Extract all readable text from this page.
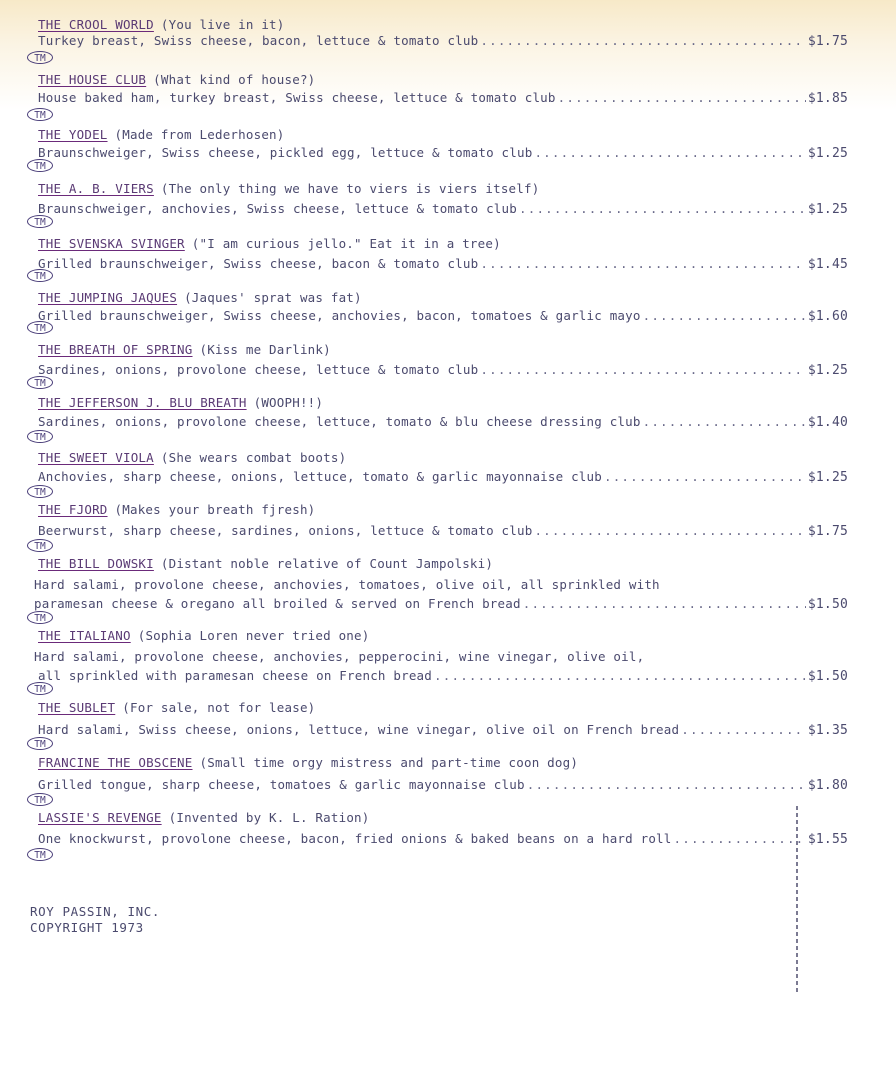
THE CROOL WORLD (You live in it)
Turkey breast, Swiss cheese, bacon, lettuce & tomato club .....	$1.75
TM
THE HOUSE CLUB (What kind of house?)
House baked ham, turkey breast, Swiss cheese, lettuce & tomato club .....	$1.85
TM
THE YODEL (Made from Lederhosen)
Braunschweiger, Swiss cheese, pickled egg, lettuce & tomato club .....	$1.25
TM
THE A. B. VIERS (The only thing we have to viers is viers itself)
Braunschweiger, anchovies, Swiss cheese, lettuce & tomato club .....	$1.25
TM
THE SVENSKA SVINGER ("I am curious jello." Eat it in a tree)
Grilled braunschweiger, Swiss cheese, bacon & tomato club .....	$1.45
TM
THE JUMPING JAQUES (Jaques' sprat was fat)
Grilled braunschweiger, Swiss cheese, anchovies, bacon, tomatoes & garlic mayo .....	$1.60
TM
THE BREATH OF SPRING (Kiss me Darlink)
Sardines, onions, provolone cheese, lettuce & tomato club .....	$1.25
TM
THE JEFFERSON J. BLU BREATH (WOOPH!!)
Sardines, onions, provolone cheese, lettuce, tomato & blu cheese dressing club .....	$1.40
TM
THE SWEET VIOLA (She wears combat boots)
Anchovies, sharp cheese, onions, lettuce, tomato & garlic mayonnaise club .....	$1.25
TM
THE FJORD (Makes your breath fjresh)
Beerwurst, sharp cheese, sardines, onions, lettuce & tomato club .....	$1.75
TM
THE BILL DOWSKI (Distant noble relative of Count Jampolski)
Hard salami, provolone cheese, anchovies, tomatoes, olive oil, all sprinkled with
paramesan cheese & oregano all broiled & served on French bread .....	$1.50
TM
THE ITALIANO (Sophia Loren never tried one)
Hard salami, provolone cheese, anchovies, pepperocini, wine vinegar, olive oil,
all sprinkled with paramesan cheese on French bread .....	$1.50
TM
THE SUBLET (For sale, not for lease)
Hard salami, Swiss cheese, onions, lettuce, wine vinegar, olive oil on French bread .....	$1.35
TM
FRANCINE THE OBSCENE (Small time orgy mistress and part-time coon dog)
Grilled tongue, sharp cheese, tomatoes & garlic mayonnaise club .....	$1.80
TM
LASSIE'S REVENGE (Invented by K. L. Ration)
One knockwurst, provolone cheese, bacon, fried onions & baked beans on a hard roll .....	$1.55
TM
ROY PASSIN, INC.
COPYRIGHT 1973
